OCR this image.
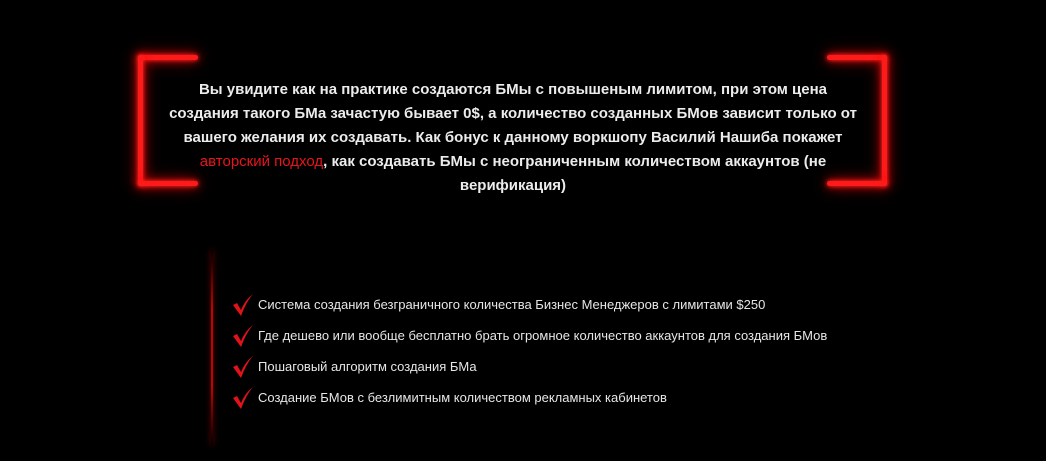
Вы увидите как на практике создаются БМы с повышеным лимитом, при этом цена создания такого БМа зачастую бывает 0$, а количество созданных БМов зависит только от вашего желания их создавать. Как бонус к данному воркшопу Василий Нашиба покажет авторский подход, как создавать БМы с неограниченным количеством аккаунтов (не верификация)

Система создания безграничного количества Бизнес Менеджеров с лимитами $250
Где дешево или вообще бесплатно брать огромное количество аккаунтов для создания БМов
Пошаговый алгоритм создания БМа
Создание БМов с безлимитным количеством рекламных кабинетов
